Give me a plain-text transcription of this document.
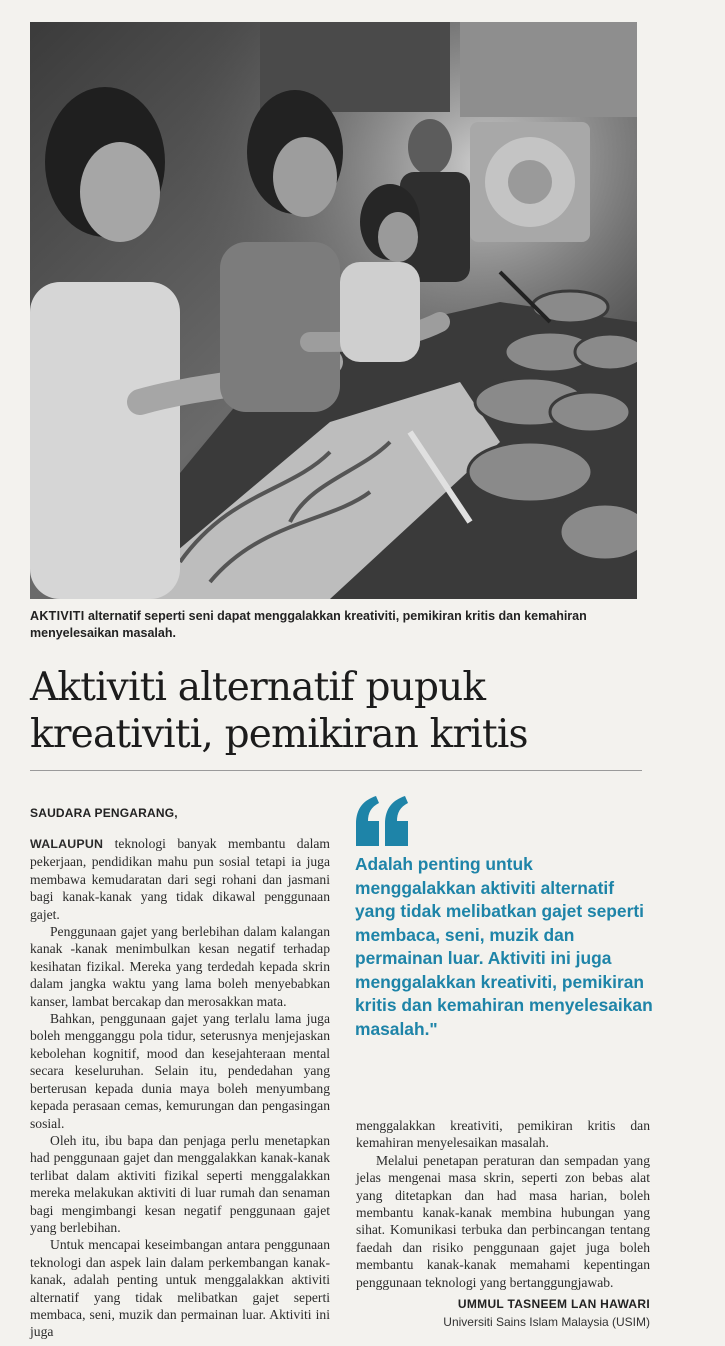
AKTIVITI alternatif seperti seni dapat menggalakkan kreativiti, pemikiran kritis dan kemahiran menyelesaikan masalah.
Aktiviti alternatif pupuk
kreativiti, pemikiran kritis
SAUDARA PENGARANG,

WALAUPUN teknologi banyak membantu dalam pekerjaan, pendidikan mahu pun sosial tetapi ia juga membawa kemudaratan dari segi rohani dan jasmani bagi kanak-kanak yang tidak dikawal penggunaan gajet.

Penggunaan gajet yang berlebihan dalam kalangan kanak -kanak menimbulkan kesan negatif terhadap kesihatan fizikal. Mereka yang terdedah kepada skrin dalam jangka waktu yang lama boleh menyebabkan kanser, lambat bercakap dan merosakkan mata.

Bahkan, penggunaan gajet yang terlalu lama juga boleh mengganggu pola tidur, seterusnya menjejaskan kebolehan kognitif, mood dan kesejahteraan mental secara keseluruhan. Selain itu, pendedahan yang berterusan kepada dunia maya boleh menyumbang kepada perasaan cemas, kemurungan dan pengasingan sosial.

Oleh itu, ibu bapa dan penjaga perlu menetapkan had penggunaan gajet dan menggalakkan kanak-kanak terlibat dalam aktiviti fizikal seperti menggalakkan mereka melakukan aktiviti di luar rumah dan senaman bagi mengimbangi kesan negatif penggunaan gajet yang berlebihan.

Untuk mencapai keseimbangan antara penggunaan teknologi dan aspek lain dalam perkembangan kanak- kanak, adalah penting untuk menggalakkan aktiviti alternatif yang tidak melibatkan gajet seperti membaca, seni, muzik dan permainan luar. Aktiviti ini juga

Adalah penting untuk menggalakkan aktiviti alternatif yang tidak melibatkan gajet seperti membaca, seni, muzik dan permainan luar. Aktiviti ini juga menggalakkan kreativiti, pemikiran kritis dan kemahiran menyelesaikan masalah."

menggalakkan kreativiti, pemikiran kritis dan kemahiran menyelesaikan masalah.

Melalui penetapan peraturan dan sempadan yang jelas mengenai masa skrin, seperti zon bebas alat yang ditetapkan dan had masa harian, boleh membantu kanak-kanak membina hubungan yang sihat. Komunikasi terbuka dan perbincangan tentang faedah dan risiko penggunaan gajet juga boleh membantu kanak-kanak memahami kepentingan penggunaan teknologi yang bertanggungjawab.

UMMUL TASNEEM LAN HAWARI
Universiti Sains Islam Malaysia (USIM)
